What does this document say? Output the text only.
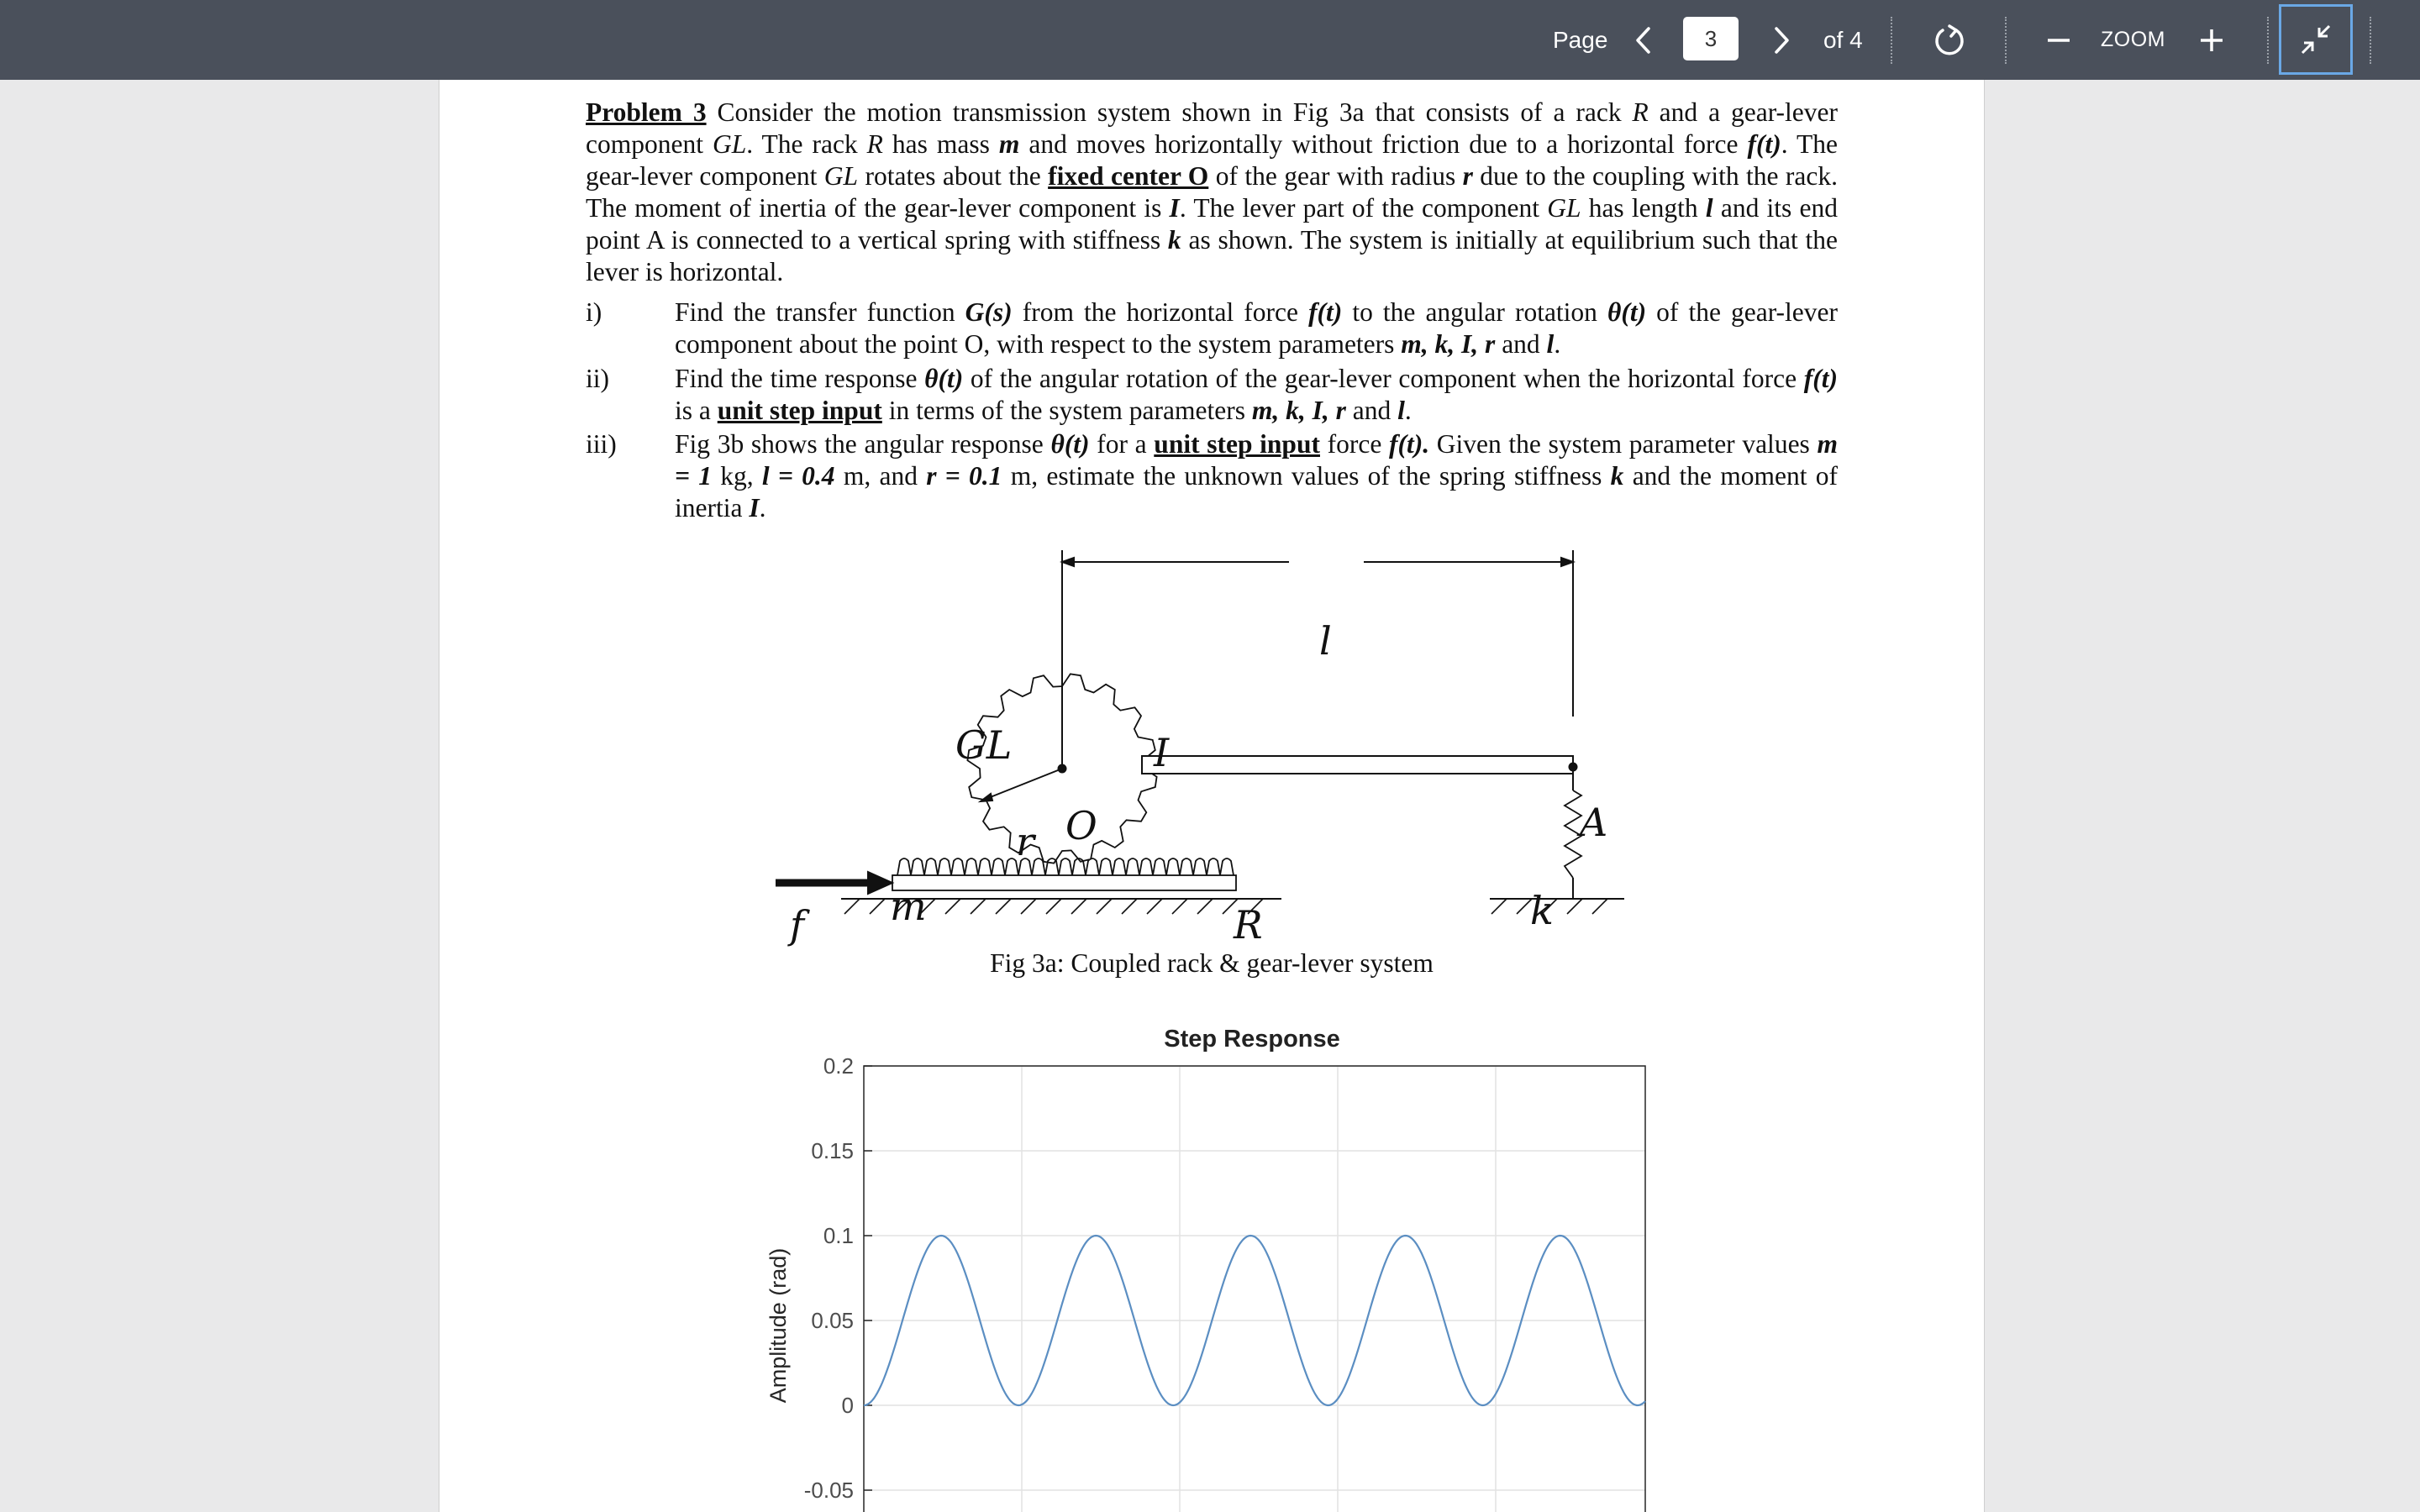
Page
3	of 4	ZOOM
Problem 3 Consider the motion transmission system shown in Fig 3a that consists of a rack R and a gear-lever component GL. The rack R has mass m and moves horizontally without friction due to a horizontal force f(t). The gear-lever component GL rotates about the fixed center O of the gear with radius r due to the coupling with the rack. The moment of inertia of the gear-lever component is I. The lever part of the component GL has length l and its end point A is connected to a vertical spring with stiffness k as shown. The system is initially at equilibrium such that the lever is horizontal.
i)	Find the transfer function G(s) from the horizontal force f(t) to the angular rotation θ(t) of the gear-lever component about the point O, with respect to the system parameters m, k, I, r and l.
ii) Find the time response θ(t) of the angular rotation of the gear-lever component when the horizontal force f(t) is a unit step input in terms of the system parameters m, k, I, r and l.
iii) Fig 3b shows the angular response θ(t) for a unit step input force f(t). Given the system parameter values m = 1 kg, l = 0.4 m, and r = 0.1 m, estimate the unknown values of the spring stiffness k and the moment of inertia I.
l
GL	I
O
r	A
m
f	R	k
Fig 3a: Coupled rack & gear-lever system
Step Response
0.2
0.15
0.1
0.05
0
-0.05
Amplitude (rad)
